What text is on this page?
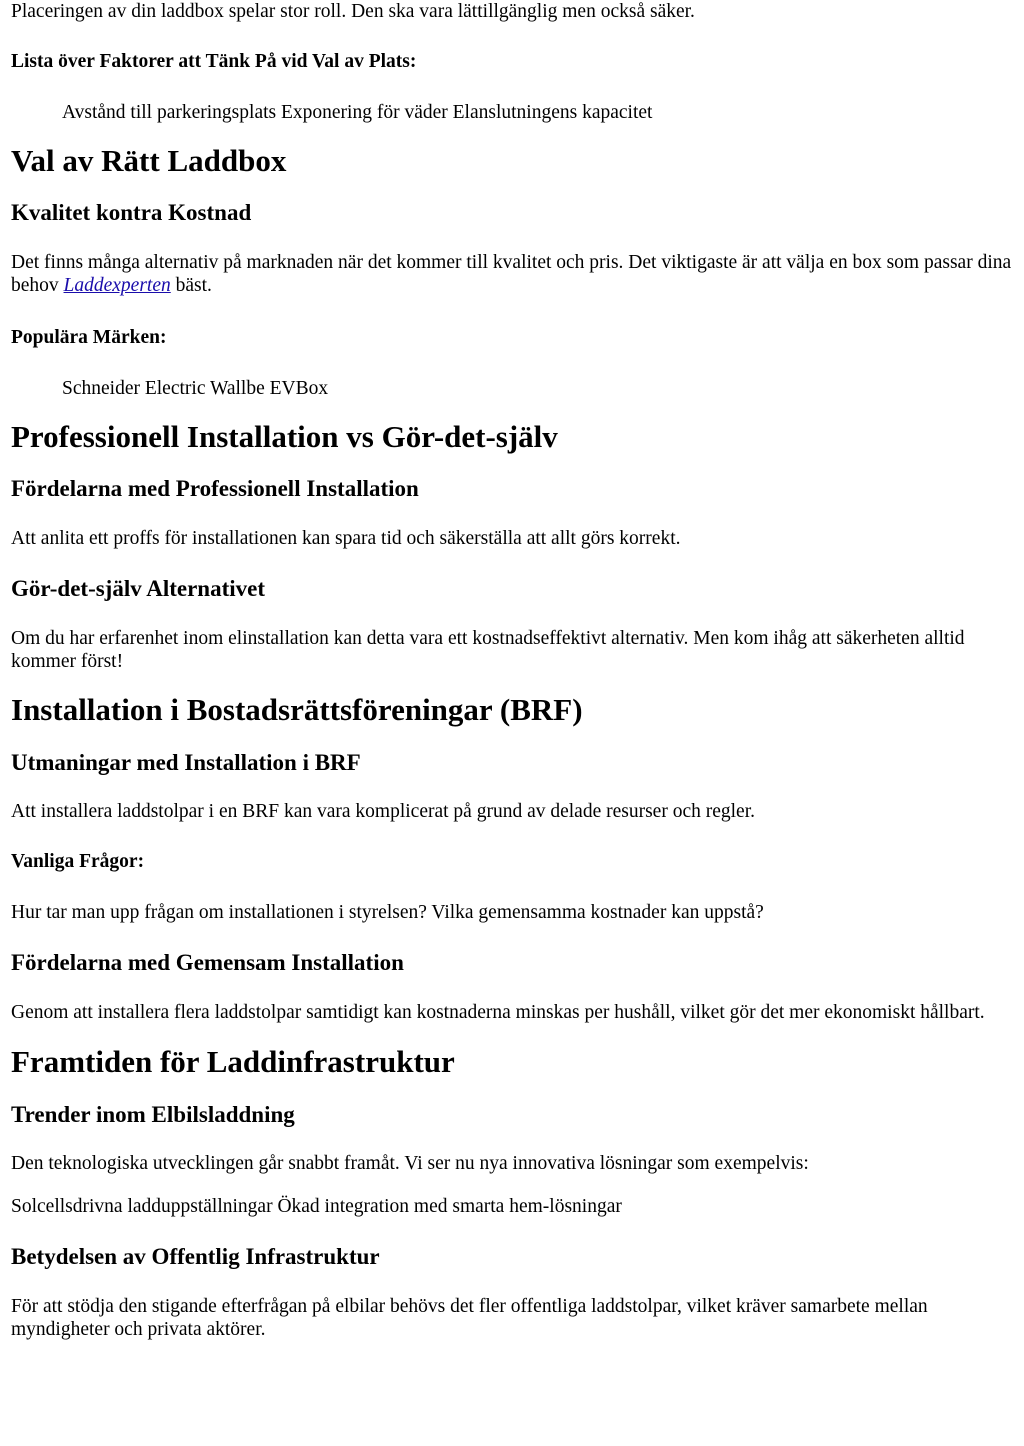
Placeringen av din laddbox spelar stor roll. Den ska vara lättillgänglig men också säker.

Lista över Faktorer att Tänk På vid Val av Plats:
Avstånd till parkeringsplats Exponering för väder Elanslutningens kapacitet
Val av Rätt Laddbox
Kvalitet kontra Kostnad

Det finns många alternativ på marknaden när det kommer till kvalitet och pris. Det viktigaste är att välja en box som passar dina behov Laddexperten bäst.

Populära Märken:
Schneider Electric Wallbe EVBox
Professionell Installation vs Gör-det-själv
Fördelarna med Professionell Installation

Att anlita ett proffs för installationen kan spara tid och säkerställa att allt görs korrekt.

Gör-det-själv Alternativet

Om du har erfarenhet inom elinstallation kan detta vara ett kostnadseffektivt alternativ. Men kom ihåg att säkerheten alltid kommer först!

Installation i Bostadsrättsföreningar (BRF)
Utmaningar med Installation i BRF

Att installera laddstolpar i en BRF kan vara komplicerat på grund av delade resurser och regler.

Vanliga Frågor:

Hur tar man upp frågan om installationen i styrelsen? Vilka gemensamma kostnader kan uppstå?

Fördelarna med Gemensam Installation

Genom att installera flera laddstolpar samtidigt kan kostnaderna minskas per hushåll, vilket gör det mer ekonomiskt hållbart.

Framtiden för Laddinfrastruktur
Trender inom Elbilsladdning

Den teknologiska utvecklingen går snabbt framåt. Vi ser nu nya innovativa lösningar som exempelvis:

Solcellsdrivna ladduppställningar Ökad integration med smarta hem-lösningar

Betydelsen av Offentlig Infrastruktur

För att stödja den stigande efterfrågan på elbilar behövs det fler offentliga laddstolpar, vilket kräver samarbete mellan myndigheter och privata aktörer.
